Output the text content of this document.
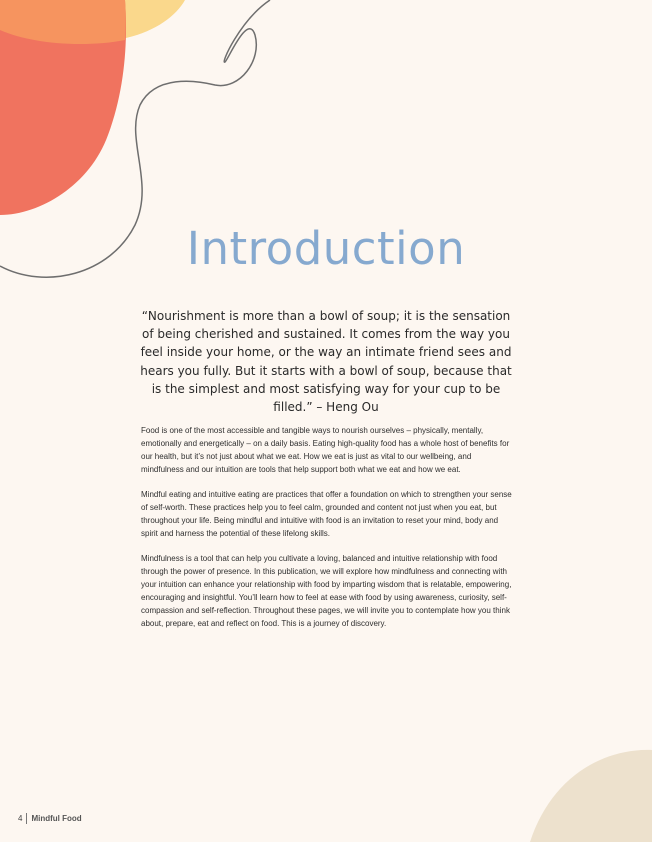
Introduction

“Nourishment is more than a bowl of soup; it is the sensation of being cherished and sustained. It comes from the way you feel inside your home, or the way an intimate friend sees and hears you fully. But it starts with a bowl of soup, because that is the simplest and most satisfying way for your cup to be filled.” – Heng Ou

Food is one of the most accessible and tangible ways to nourish ourselves – physically, mentally, emotionally and energetically – on a daily basis. Eating high-quality food has a whole host of benefits for our health, but it’s not just about what we eat. How we eat is just as vital to our wellbeing, and mindfulness and our intuition are tools that help support both what we eat and how we eat.

Mindful eating and intuitive eating are practices that offer a foundation on which to strengthen your sense of self-worth. These practices help you to feel calm, grounded and content not just when you eat, but throughout your life. Being mindful and intuitive with food is an invitation to reset your mind, body and spirit and harness the potential of these lifelong skills.

Mindfulness is a tool that can help you cultivate a loving, balanced and intuitive relationship with food through the power of presence. In this publication, we will explore how mindfulness and connecting with your intuition can enhance your relationship with food by imparting wisdom that is relatable, empowering, encouraging and insightful. You’ll learn how to feel at ease with food by using awareness, curiosity, self-compassion and self-reflection. Throughout these pages, we will invite you to contemplate how you think about, prepare, eat and reflect on food. This is a journey of discovery.

4 Mindful Food
